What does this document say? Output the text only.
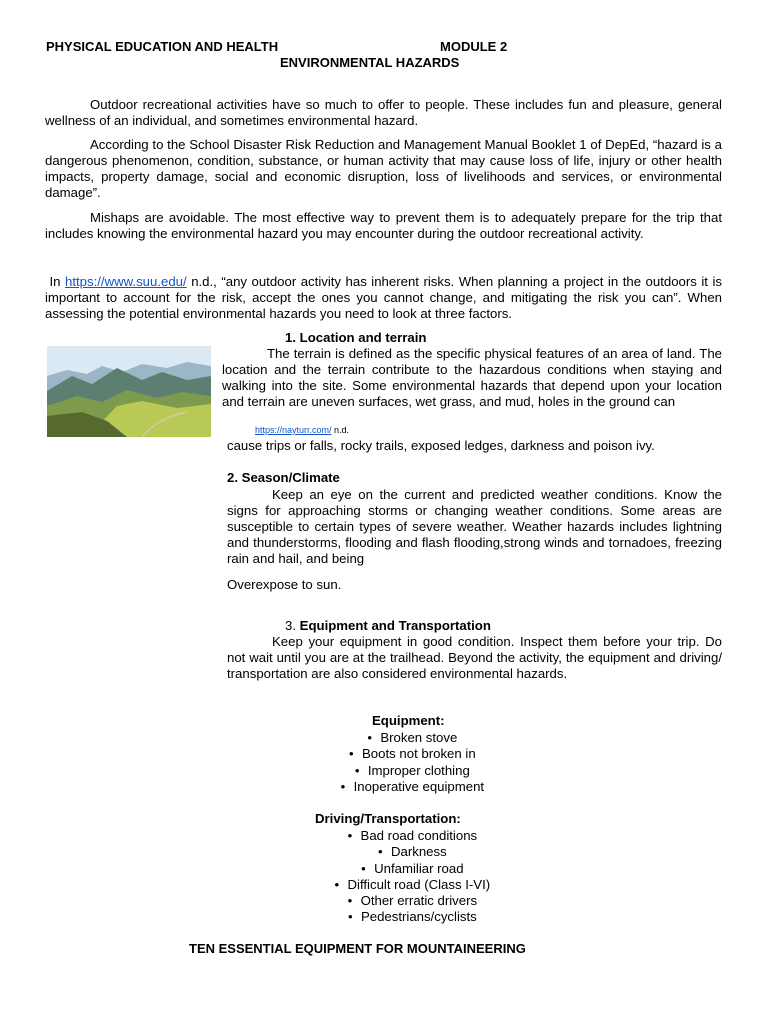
PHYSICAL EDUCATION AND HEALTH	MODULE 2
ENVIRONMENTAL HAZARDS
Outdoor recreational activities have so much to offer to people. These includes fun and pleasure, general wellness of an individual, and sometimes environmental hazard.
According to the School Disaster Risk Reduction and Management Manual Booklet 1 of DepEd, “hazard is a dangerous phenomenon, condition, substance, or human activity that may cause loss of life, injury or other health impacts, property damage, social and economic disruption, loss of livelihoods and services, or environmental damage”.
Mishaps are avoidable. The most effective way to prevent them is to adequately prepare for the trip that includes knowing the environmental hazard you may encounter during the outdoor recreational activity.
In https://www.suu.edu/ n.d., “any outdoor activity has inherent risks. When planning a project in the outdoors it is important to account for the risk, accept the ones you cannot change, and mitigating the risk you can”. When assessing the potential environmental hazards you need to look at three factors.
1. Location and terrain
The terrain is defined as the specific physical features of an area of land. The location and the terrain contribute to the hazardous conditions when staying and walking into the site. Some environmental hazards that depend upon your location and terrain are uneven surfaces, wet grass, and mud, holes in the ground can
https://nayturr.com/ n.d.
cause trips or falls, rocky trails, exposed ledges, darkness and poison ivy.
2. Season/Climate
Keep an eye on the current and predicted weather conditions. Know the signs for approaching storms or changing weather conditions. Some areas are susceptible to certain types of severe weather. Weather hazards includes lightning and thunderstorms, flooding and flash flooding,strong winds and tornadoes, freezing rain and hail, and being
Overexpose to sun.
3. Equipment and Transportation
Keep your equipment in good condition. Inspect them before your trip. Do not wait until you are at the trailhead. Beyond the activity, the equipment and driving/ transportation are also considered environmental hazards.
Equipment:
• Broken stove
• Boots not broken in
• Improper clothing
• Inoperative equipment
Driving/Transportation:
• Bad road conditions
• Darkness
• Unfamiliar road
• Difficult road (Class I-VI)
• Other erratic drivers
• Pedestrians/cyclists
TEN ESSENTIAL EQUIPMENT FOR MOUNTAINEERING
